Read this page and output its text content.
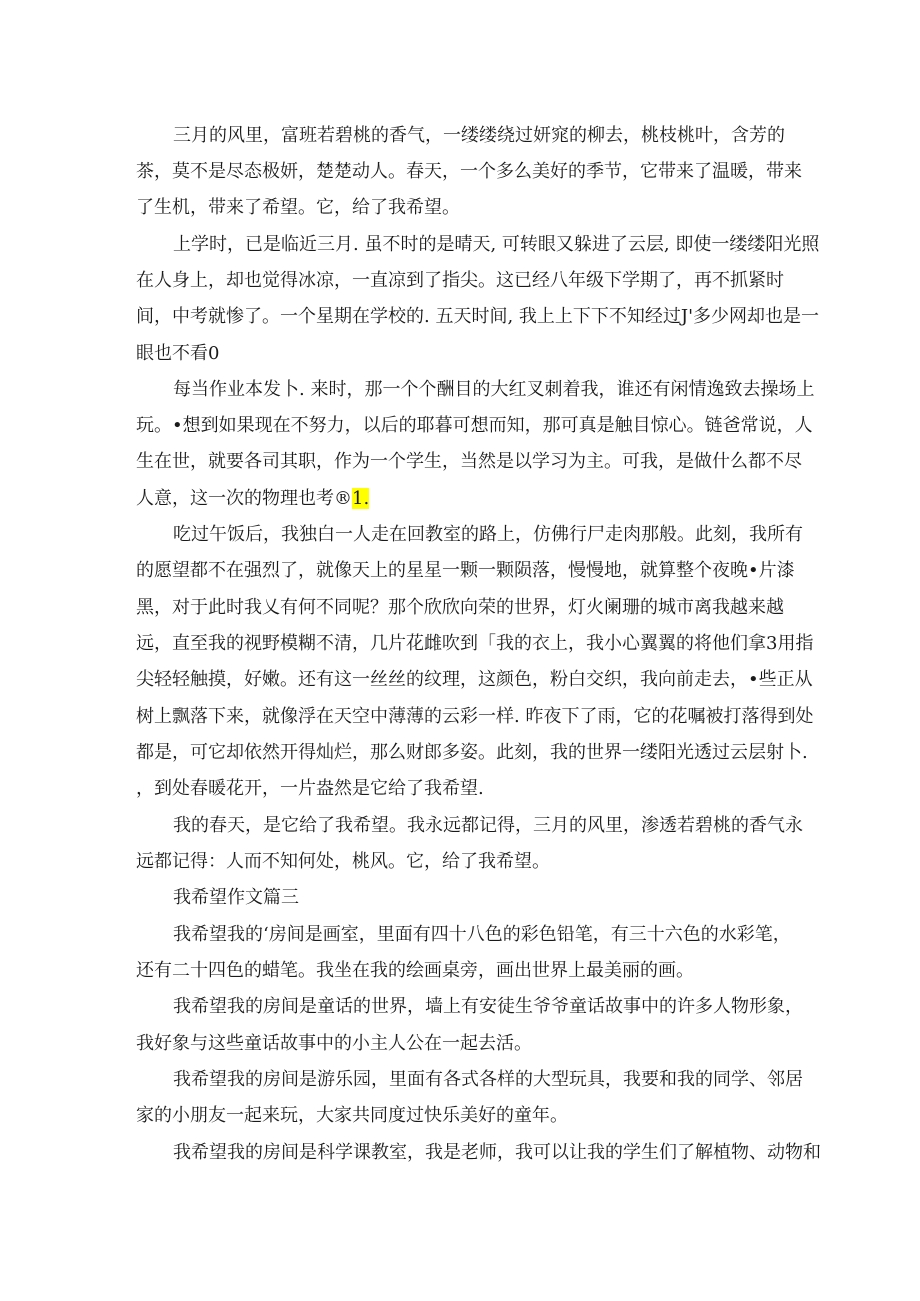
三月的风里，富班若碧桃的香气，一缕缕绕过妍窕的柳去，桃枝桃叶，含芳的
茶，莫不是尽态极妍，楚楚动人。春天，一个多么美好的季节，它带来了温暖，带来
了生机，带来了希望。它，给了我希望。
上学时，已是临近三月. 虽不时的是晴天, 可转眼又躲进了云层, 即使一缕缕阳光照
在人身上，却也觉得冰凉，一直凉到了指尖。这已经八年级下学期了，再不抓紧时
间，中考就惨了。一个星期在学校的. 五天时间, 我上上下下不知经过J'多少网却也是一
眼也不看0
每当作业本发卜. 来时，那一个个酬目的大红叉刺着我，谁还有闲情逸致去操场上
玩。•想到如果现在不努力，以后的耶暮可想而知，那可真是触目惊心。链爸常说，人
生在世，就要各司其职，作为一个学生，当然是以学习为主。可我，是做什么都不尽
人意，这一次的物理也考®1.
吃过午饭后，我独白一人走在回教室的路上，仿佛行尸走肉那般。此刻，我所有
的愿望都不在强烈了，就像天上的星星一颗一颗陨落，慢慢地，就算整个夜晚•片漆
黑，对于此时我乂有何不同呢？那个欣欣向荣的世界，灯火阑珊的城市离我越来越
远，直至我的视野模糊不清，几片花雌吹到「我的衣上，我小心翼翼的将他们拿3用指
尖轻轻触摸，好嫩。还有这一丝丝的纹理，这颜色，粉白交织，我向前走去，•些正从
树上飘落下来，就像浮在天空中薄薄的云彩一样. 昨夜下了雨，它的花嘱被打落得到处
都是，可它却依然开得灿烂，那么财郎多姿。此刻，我的世界一缕阳光透过云层射卜.
，到处春暖花开，一片盎然是它给了我希望.
我的春天，是它给了我希望。我永远都记得，三月的风里，渗透若碧桃的香气永
远都记得：人而不知何处，桃风。它，给了我希望。
我希望作文篇三
我希望我的‘房间是画室，里面有四十八色的彩色铅笔，有三十六色的水彩笔，
还有二十四色的蜡笔。我坐在我的绘画桌旁，画出世界上最美丽的画。
我希望我的房间是童话的世界，墙上有安徒生爷爷童话故事中的许多人物形象，
我好象与这些童话故事中的小主人公在一起去活。
我希望我的房间是游乐园，里面有各式各样的大型玩具，我要和我的同学、邻居
家的小朋友一起来玩，大家共同度过快乐美好的童年。
我希望我的房间是科学课教室，我是老师，我可以让我的学生们了解植物、动物和
